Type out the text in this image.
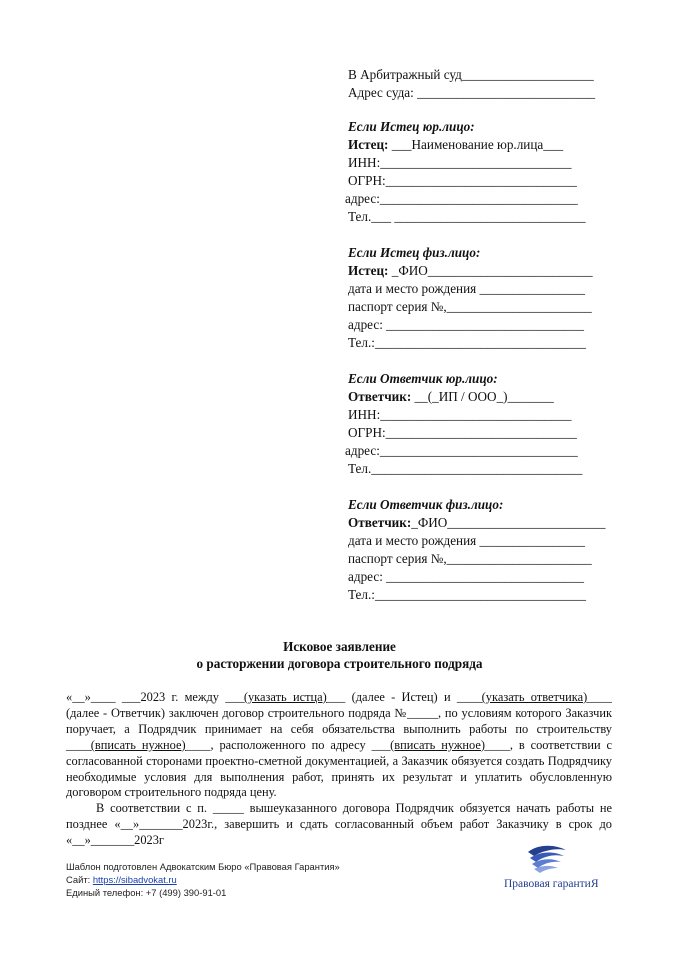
В Арбитражный суд____________________
Адрес суда: ___________________________
Если Истец юр.лицо:
Истец: ___Наименование юр.лица___
ИНН:_____________________________
ОГРН:_____________________________
адрес:______________________________
Тел.___ _____________________________
Если Истец физ.лицо:
Истец: _ФИО_________________________
дата и место рождения ________________
паспорт серия №,______________________
адрес: ______________________________
Тел.:________________________________
Если Ответчик юр.лицо:
Ответчик: __(_ИП / ООО_)_______
ИНН:_____________________________
ОГРН:_____________________________
адрес:______________________________
Тел.________________________________
Если Ответчик физ.лицо:
Ответчик:_ФИО________________________
дата и место рождения ________________
паспорт серия №,______________________
адрес: ______________________________
Тел.:________________________________
Исковое заявление
о расторжении договора строительного подряда

«__»____ ___2023 г. между ___(указать истца)___ (далее - Истец) и ____(указать ответчика)____ (далее - Ответчик) заключен договор строительного подряда №_____, по условиям которого Заказчик поручает, а Подрядчик принимает на себя обязательства выполнить работы по строительству ____(вписать нужное)____, расположенного по адресу ___(вписать нужное)____, в соответствии с согласованной сторонами проектно-сметной документацией, а Заказчик обязуется создать Подрядчику необходимые условия для выполнения работ, принять их результат и уплатить обусловленную договором строительного подряда цену.

В соответствии с п. _____ вышеуказанного договора Подрядчик обязуется начать работы не позднее «__»_______2023г., завершить и сдать согласованный объем работ Заказчику в срок до «__»_______2023г

Шаблон подготовлен Адвокатским Бюро «Правовая Гарантия»
Сайт: https://sibadvokat.ru
Единый телефон: +7 (499) 390-91-01
Правовая гарантиЯ
